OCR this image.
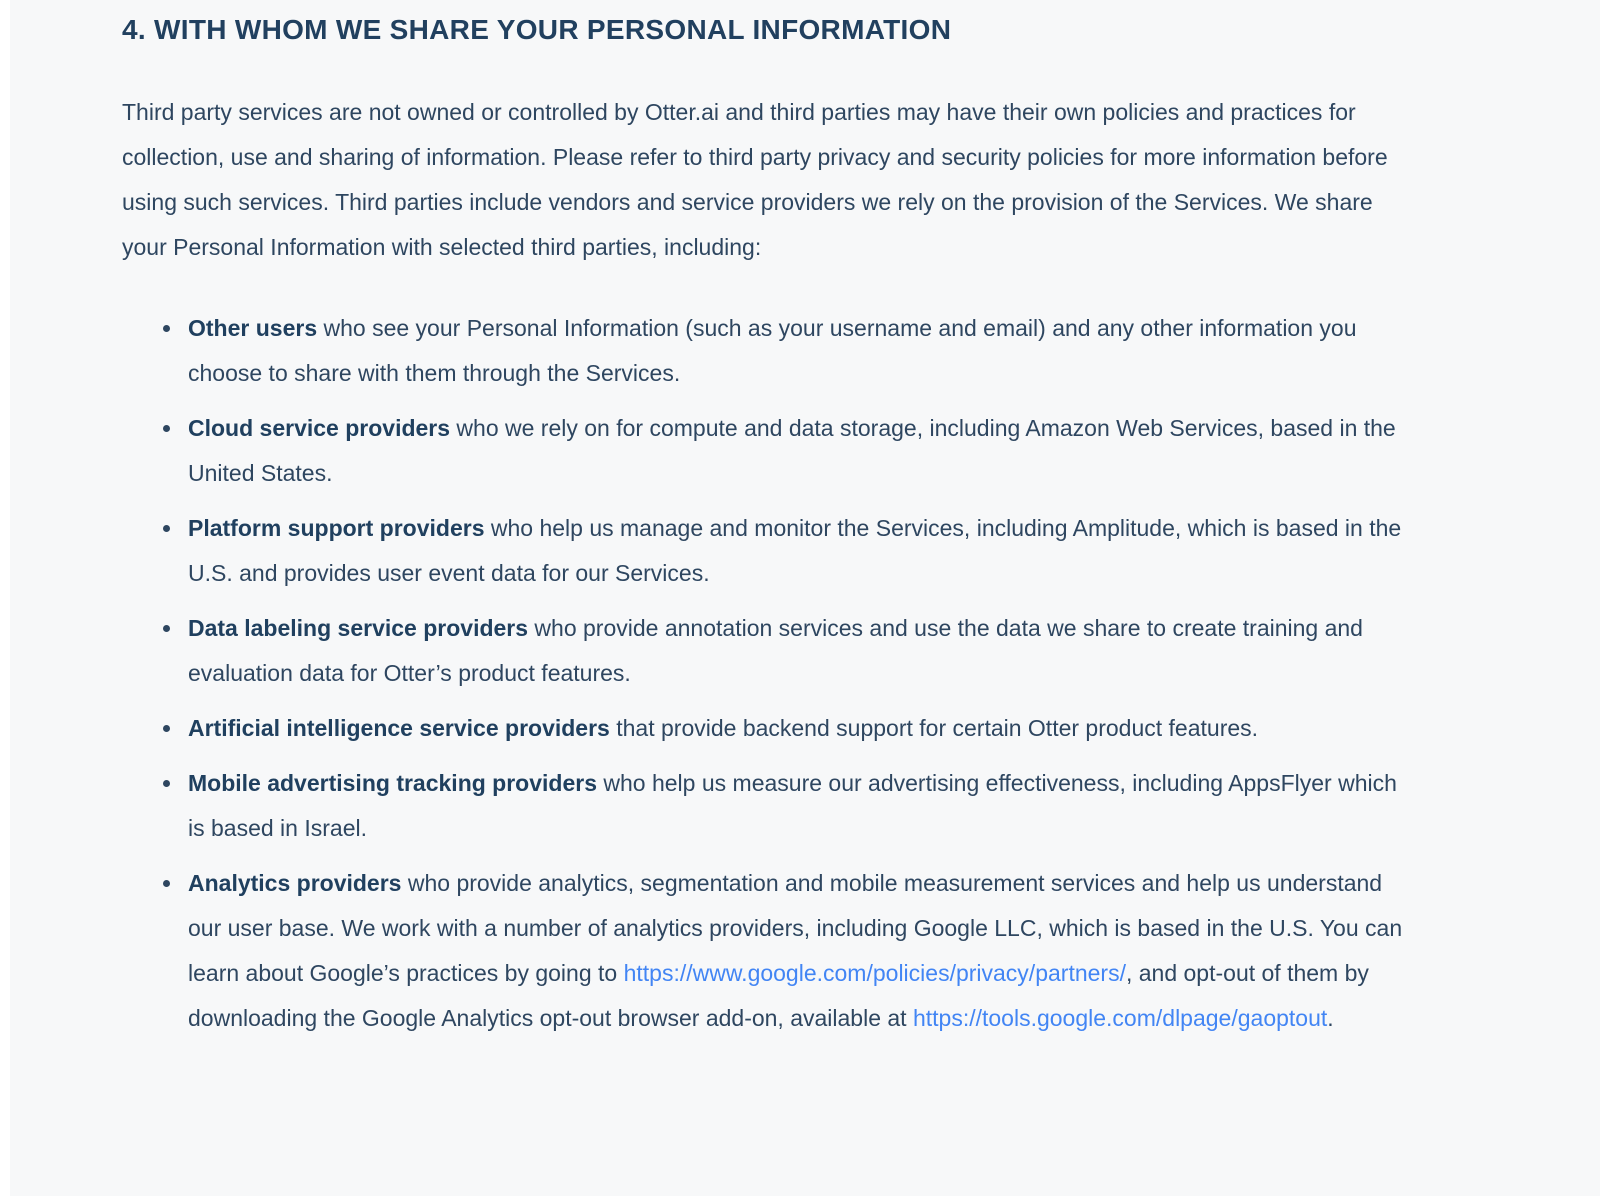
4. WITH WHOM WE SHARE YOUR PERSONAL INFORMATION

Third party services are not owned or controlled by Otter.ai and third parties may have their own policies and practices for collection, use and sharing of information. Please refer to third party privacy and security policies for more information before using such services. Third parties include vendors and service providers we rely on the provision of the Services. We share your Personal Information with selected third parties, including:

Other users who see your Personal Information (such as your username and email) and any other information you choose to share with them through the Services.
Cloud service providers who we rely on for compute and data storage, including Amazon Web Services, based in the United States.
Platform support providers who help us manage and monitor the Services, including Amplitude, which is based in the U.S. and provides user event data for our Services.
Data labeling service providers who provide annotation services and use the data we share to create training and evaluation data for Otter’s product features.
Artificial intelligence service providers that provide backend support for certain Otter product features.
Mobile advertising tracking providers who help us measure our advertising effectiveness, including AppsFlyer which is based in Israel.
Analytics providers who provide analytics, segmentation and mobile measurement services and help us understand our user base. We work with a number of analytics providers, including Google LLC, which is based in the U.S. You can learn about Google’s practices by going to https://www.google.com/policies/privacy/partners/, and opt-out of them by downloading the Google Analytics opt-out browser add-on, available at https://tools.google.com/dlpage/gaoptout.
